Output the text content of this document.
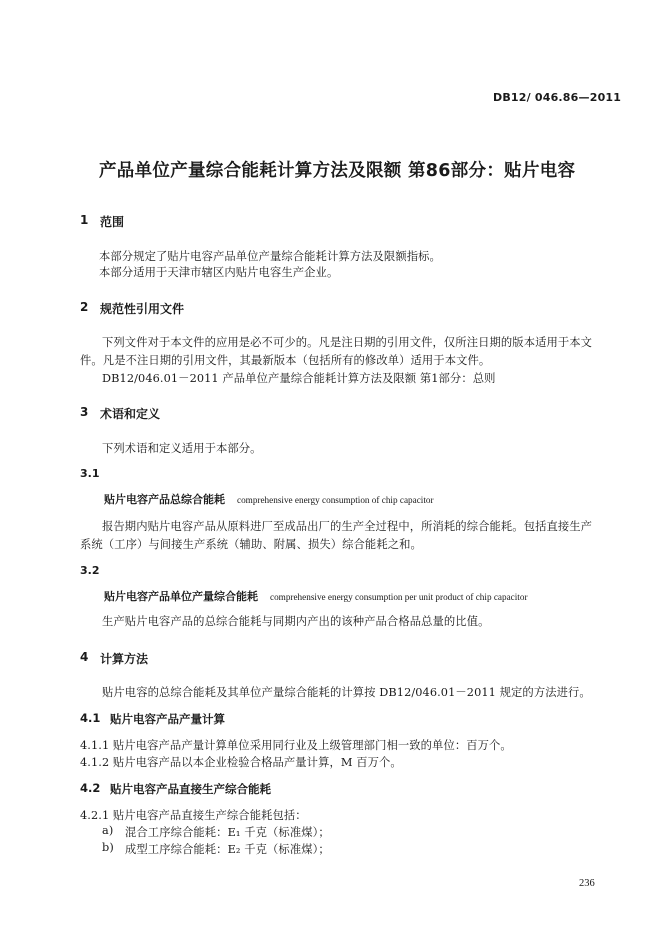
DB12/ 046.86—2011
产品单位产量综合能耗计算方法及限额 第86部分：贴片电容
1 范围
本部分规定了贴片电容产品单位产量综合能耗计算方法及限额指标。
本部分适用于天津市辖区内贴片电容生产企业。
2 规范性引用文件
下列文件对于本文件的应用是必不可少的。凡是注日期的引用文件，仅所注日期的版本适用于本文
件。凡是不注日期的引用文件，其最新版本（包括所有的修改单）适用于本文件。
DB12/046.01－2011 产品单位产量综合能耗计算方法及限额 第1部分：总则
3 术语和定义
下列术语和定义适用于本部分。
3.1
贴片电容产品总综合能耗 comprehensive energy consumption of chip capacitor
报告期内贴片电容产品从原料进厂至成品出厂的生产全过程中，所消耗的综合能耗。包括直接生产
系统（工序）与间接生产系统（辅助、附属、损失）综合能耗之和。
3.2
贴片电容产品单位产量综合能耗 comprehensive energy consumption per unit product of chip capacitor
生产贴片电容产品的总综合能耗与同期内产出的该种产品合格品总量的比值。
4 计算方法
贴片电容的总综合能耗及其单位产量综合能耗的计算按 DB12/046.01－2011 规定的方法进行。
4.1 贴片电容产品产量计算
4.1.1 贴片电容产品产量计算单位采用同行业及上级管理部门相一致的单位：百万个。
4.1.2 贴片电容产品以本企业检验合格品产量计算，M 百万个。
4.2 贴片电容产品直接生产综合能耗
4.2.1 贴片电容产品直接生产综合能耗包括：
a) 混合工序综合能耗：E₁ 千克（标准煤）；
b) 成型工序综合能耗：E₂ 千克（标准煤）；
236
